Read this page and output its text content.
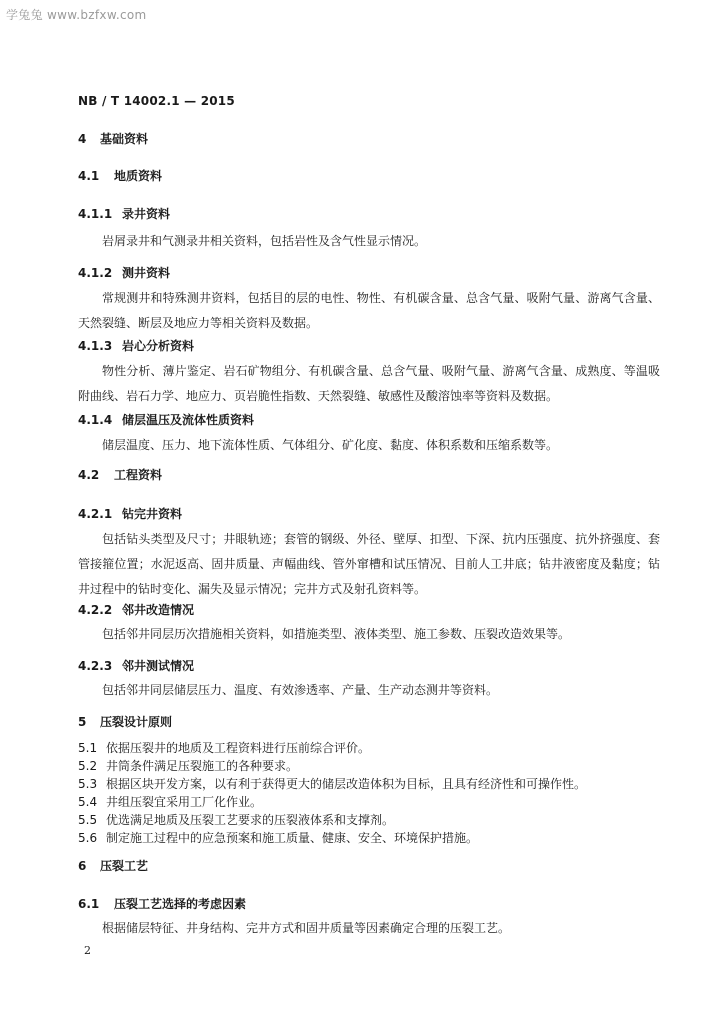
学兔兔 www.bzfxw.com
NB / T 14002.1 — 2015
4 基础资料
4.1 地质资料
4.1.1 录井资料
岩屑录井和气测录井相关资料，包括岩性及含气性显示情况。
4.1.2 测井资料
常规测井和特殊测井资料，包括目的层的电性、物性、有机碳含量、总含气量、吸附气量、游离气含量、天然裂缝、断层及地应力等相关资料及数据。
4.1.3 岩心分析资料
物性分析、薄片鉴定、岩石矿物组分、有机碳含量、总含气量、吸附气量、游离气含量、成熟度、等温吸附曲线、岩石力学、地应力、页岩脆性指数、天然裂缝、敏感性及酸溶蚀率等资料及数据。
4.1.4 储层温压及流体性质资料
储层温度、压力、地下流体性质、气体组分、矿化度、黏度、体积系数和压缩系数等。
4.2 工程资料
4.2.1 钻完井资料
包括钻头类型及尺寸；井眼轨迹；套管的钢级、外径、壁厚、扣型、下深、抗内压强度、抗外挤强度、套管接箍位置；水泥返高、固井质量、声幅曲线、管外窜槽和试压情况、目前人工井底；钻井液密度及黏度；钻井过程中的钻时变化、漏失及显示情况；完井方式及射孔资料等。
4.2.2 邻井改造情况
包括邻井同层历次措施相关资料，如措施类型、液体类型、施工参数、压裂改造效果等。
4.2.3 邻井测试情况
包括邻井同层储层压力、温度、有效渗透率、产量、生产动态测井等资料。
5 压裂设计原则
5.1 依据压裂井的地质及工程资料进行压前综合评价。
5.2 井筒条件满足压裂施工的各种要求。
5.3 根据区块开发方案，以有利于获得更大的储层改造体积为目标，且具有经济性和可操作性。
5.4 井组压裂宜采用工厂化作业。
5.5 优选满足地质及压裂工艺要求的压裂液体系和支撑剂。
5.6 制定施工过程中的应急预案和施工质量、健康、安全、环境保护措施。
6 压裂工艺
6.1 压裂工艺选择的考虑因素
根据储层特征、井身结构、完井方式和固井质量等因素确定合理的压裂工艺。
2
